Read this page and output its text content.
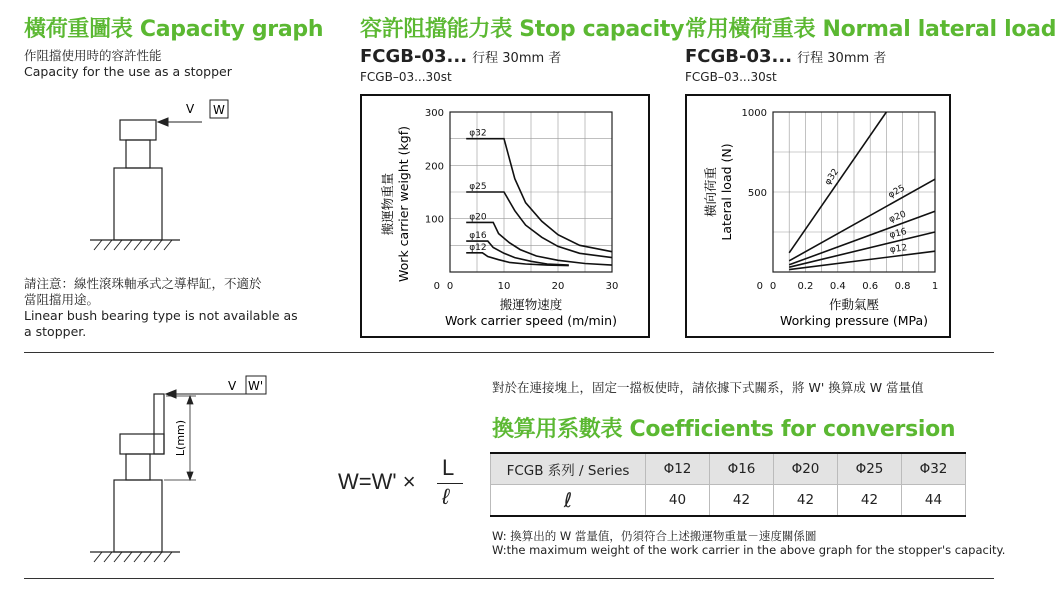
橫荷重圖表 Capacity graph
作阻擋使用時的容許性能
Capacity for the use as a stopper
V W
請注意：線性滾珠軸承式之導桿缸，不適於
當阻擋用途。
Linear bush bearing type is not available as
a stopper.
容許阻擋能力表 Stop capacity
FCGB-03... 行程 30mm 者
FCGB–03...30st
φ32
φ25
φ20
φ16
φ12
0	10	20	30
0
100
200
300
搬運物速度
Work carrier speed (m/min)
搬運物重量 Work carrier weight (kgf)
常用橫荷重表 Normal lateral load
FCGB-03... 行程 30mm 者
FCGB–03...30st
φ32
φ25
φ20
φ16
φ12
0 0.2 0.4 0.6 0.8 1
0
500
1000
作動氣壓
Working pressure (MPa)
橫向荷重 Lateral load (N)
L(mm)
V W'
W=W' ×
L
ℓ
對於在連接塊上，固定一擋板使時，請依據下式關系，將 W' 換算成 W 當量值
換算用系數表 Coefficients for conversion
FCGB 系列 / Series	Φ12	Φ16	Φ20	Φ25	Φ32
ℓ	40	42	42	42	44
W: 換算出的 W 當量值，仍須符合上述搬運物重量－速度關係圖
W:the maximum weight of the work carrier in the above graph for the stopper's capacity.
